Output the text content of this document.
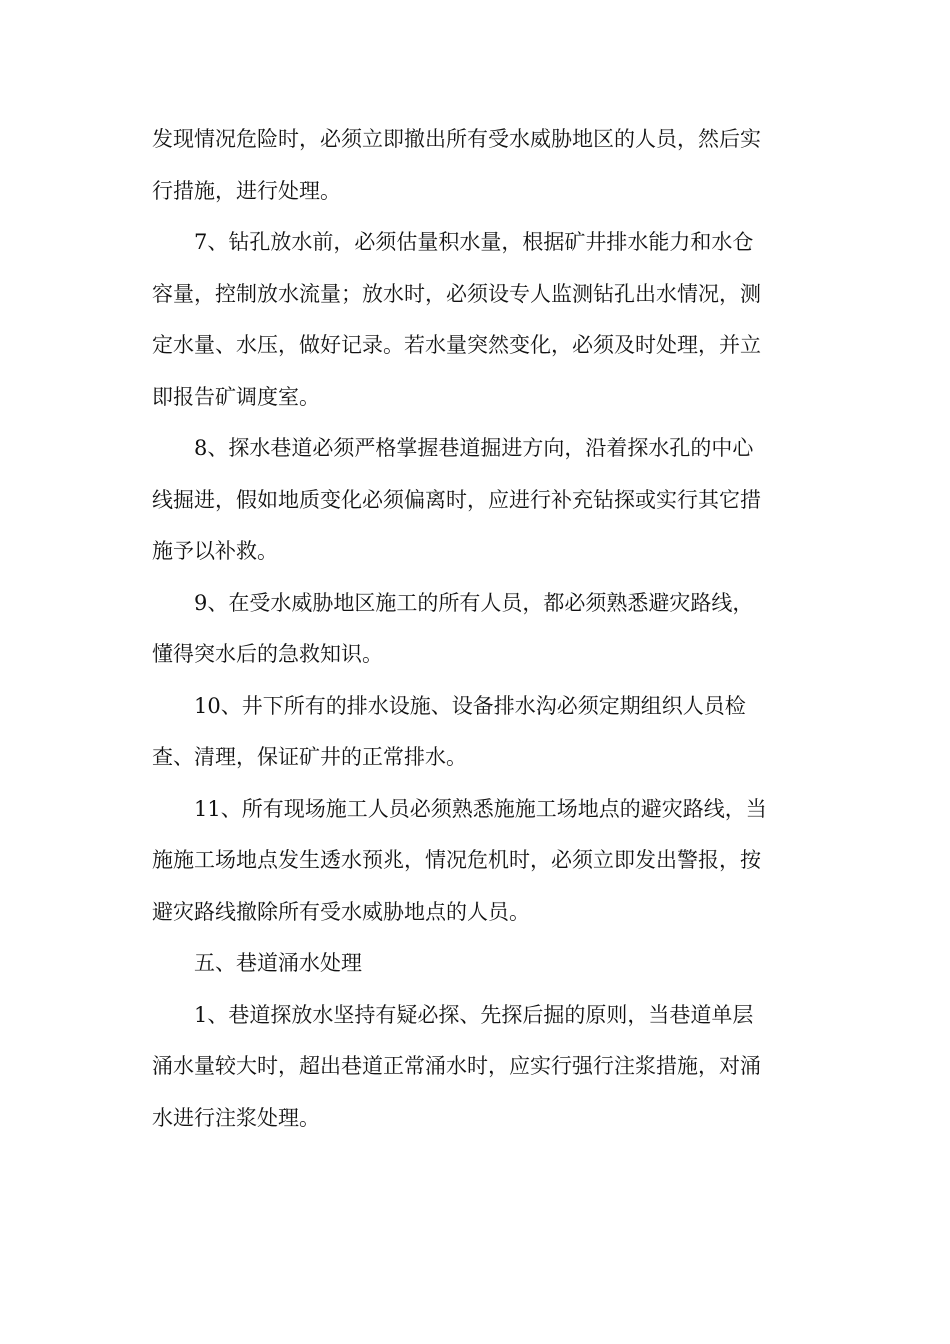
发现情况危险时，必须立即撤出所有受水威胁地区的人员，然后实

行措施，进行处理。

7、钻孔放水前，必须估量积水量，根据矿井排水能力和水仓

容量，控制放水流量；放水时，必须设专人监测钻孔出水情况，测

定水量、水压，做好记录。若水量突然变化，必须及时处理，并立

即报告矿调度室。

8、探水巷道必须严格掌握巷道掘进方向，沿着探水孔的中心

线掘进，假如地质变化必须偏离时，应进行补充钻探或实行其它措

施予以补救。

9、在受水威胁地区施工的所有人员，都必须熟悉避灾路线，

懂得突水后的急救知识。

10、井下所有的排水设施、设备排水沟必须定期组织人员检

查、清理，保证矿井的正常排水。

11、所有现场施工人员必须熟悉施施工场地点的避灾路线，当

施施工场地点发生透水预兆，情况危机时，必须立即发出警报，按

避灾路线撤除所有受水威胁地点的人员。

五、巷道涌水处理

1、巷道探放水坚持有疑必探、先探后掘的原则，当巷道单层

涌水量较大时，超出巷道正常涌水时，应实行强行注浆措施，对涌

水进行注浆处理。
